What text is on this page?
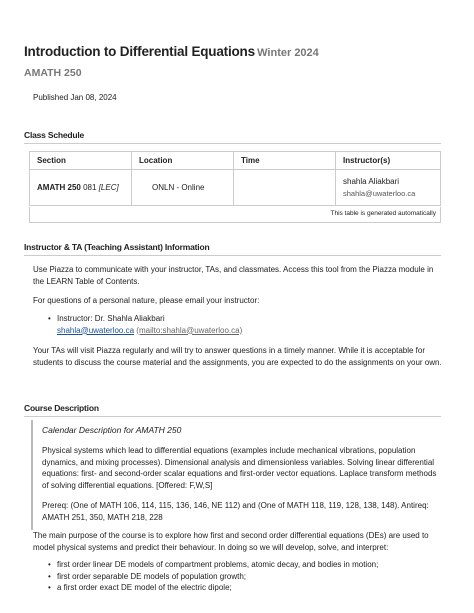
Introduction to Differential Equations Winter 2024
AMATH 250
Published Jan 08, 2024
Class Schedule
Section	Location	Time	Instructor(s)
AMATH 250 081 [LEC]	ONLN - Online		shahla Aliakbari
shahla@uwaterloo.ca
This table is generated automatically
Instructor & TA (Teaching Assistant) Information
Use Piazza to communicate with your instructor, TAs, and classmates. Access this tool from the Piazza module in the LEARN Table of Contents.
For questions of a personal nature, please email your instructor:
• Instructor: Dr. Shahla Aliakbari
shahla@uwaterloo.ca (mailto:shahla@uwaterloo.ca)
Your TAs will visit Piazza regularly and will try to answer questions in a timely manner. While it is acceptable for students to discuss the course material and the assignments, you are expected to do the assignments on your own.
Course Description
Calendar Description for AMATH 250
Physical systems which lead to differential equations (examples include mechanical vibrations, population dynamics, and mixing processes). Dimensional analysis and dimensionless variables. Solving linear differential equations: first- and second-order scalar equations and first-order vector equations. Laplace transform methods of solving differential equations. [Offered: F,W,S]
Prereq: (One of MATH 106, 114, 115, 136, 146, NE 112) and (One of MATH 118, 119, 128, 138, 148). Antireq: AMATH 251, 350, MATH 218, 228
The main purpose of the course is to explore how first and second order differential equations (DEs) are used to model physical systems and predict their behaviour. In doing so we will develop, solve, and interpret:
• first order linear DE models of compartment problems, atomic decay, and bodies in motion;
• first order separable DE models of population growth;
• a first order exact DE model of the electric dipole;
